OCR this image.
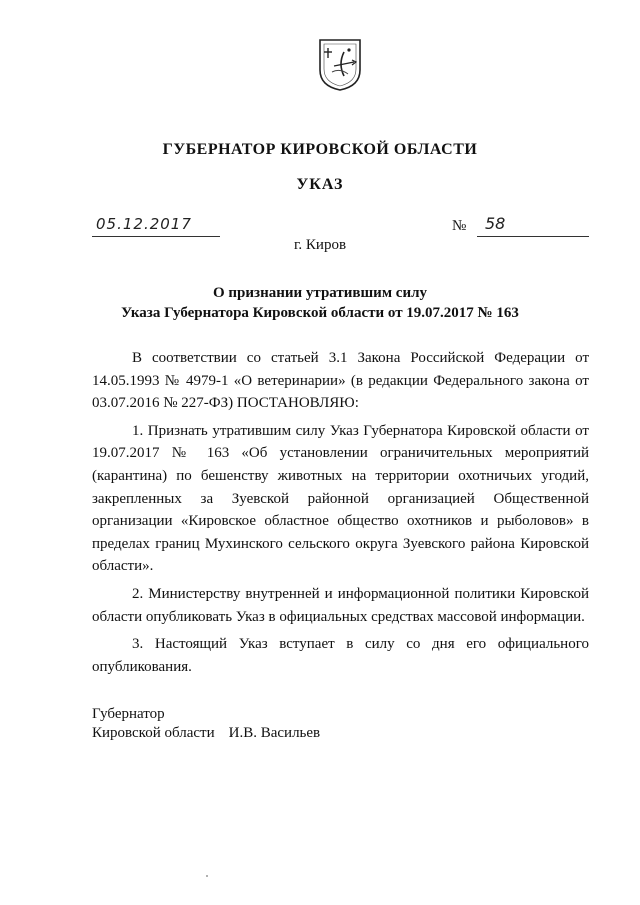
ГУБЕРНАТОР КИРОВСКОЙ ОБЛАСТИ
УКАЗ
05.12.2017	№ 58
г. Киров
О признании утратившим силу
Указа Губернатора Кировской области от 19.07.2017 № 163

В соответствии со статьей 3.1 Закона Российской Федерации от 14.05.1993 № 4979-1 «О ветеринарии» (в редакции Федерального закона от 03.07.2016 № 227-ФЗ) ПОСТАНОВЛЯЮ:

1. Признать утратившим силу Указ Губернатора Кировской области от 19.07.2017 № 163 «Об установлении ограничительных мероприятий (карантина) по бешенству животных на территории охотничьих угодий, закрепленных за Зуевской районной организацией Общественной организации «Кировское областное общество охотников и рыболовов» в пределах границ Мухинского сельского округа Зуевского района Кировской области».

2. Министерству внутренней и информационной политики Кировской области опубликовать Указ в официальных средствах массовой информации.

3. Настоящий Указ вступает в силу со дня его официального опубликования.

Губернатор
Кировской области И.В. Васильев
